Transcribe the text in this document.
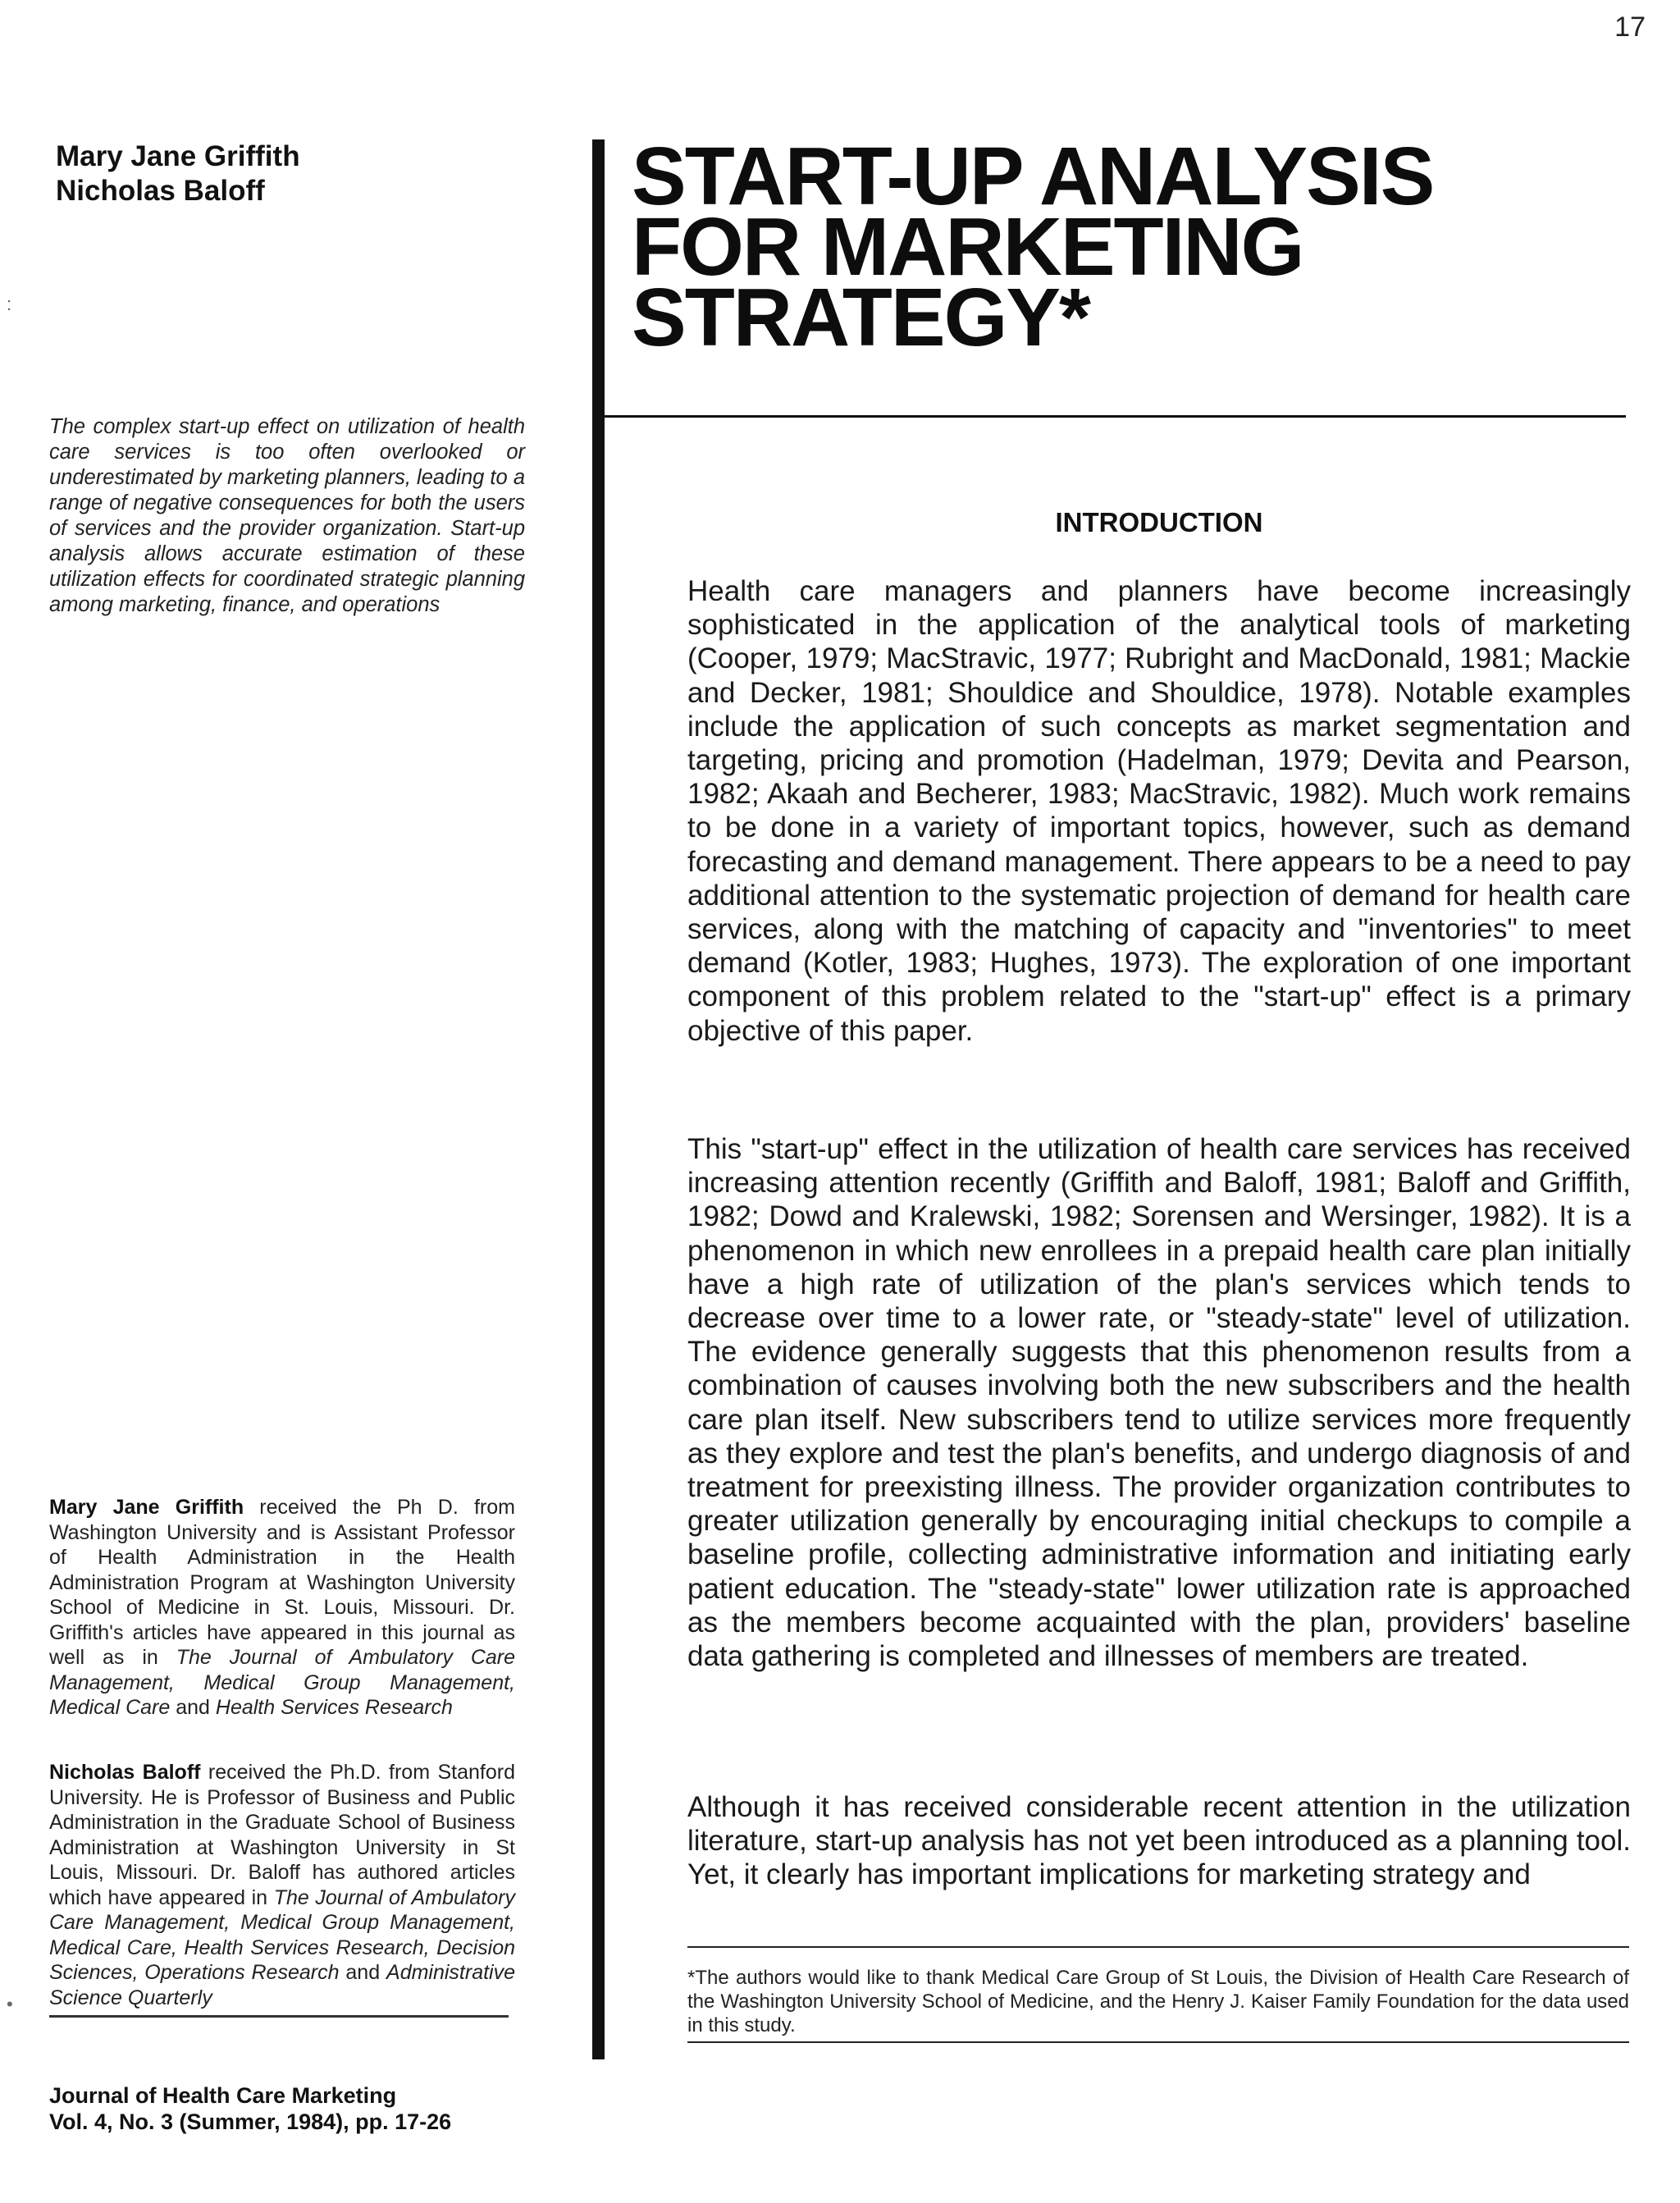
17
Mary Jane Griffith
Nicholas Baloff	START-UP ANALYSIS
FOR MARKETING
STRATEGY*
:
The complex start-up effect on utilization of health care services is too often overlooked or underestimated by marketing planners, leading to a range of negative consequences for both the users of services and the provider organization. Start-up analysis allows accurate estimation of these utilization effects for coordinated strategic planning among marketing, finance, and operations
Mary Jane Griffith received the Ph D. from Washington University and is Assistant Professor of Health Administration in the Health Administration Program at Washington University School of Medicine in St. Louis, Missouri. Dr. Griffith's articles have appeared in this journal as well as in The Journal of Ambulatory Care Management, Medical Group Management, Medical Care and Health Services Research
Nicholas Baloff received the Ph.D. from Stanford University. He is Professor of Business and Public Administration in the Graduate School of Business Administration at Washington University in St Louis, Missouri. Dr. Baloff has authored articles which have appeared in The Journal of Ambulatory Care Management, Medical Group Management, Medical Care, Health Services Research, Decision Sciences, Operations Research and Administrative Science Quarterly
•
Journal of Health Care Marketing
Vol. 4, No. 3 (Summer, 1984), pp. 17-26
INTRODUCTION

Health care managers and planners have become increasingly sophisticated in the application of the analytical tools of marketing (Cooper, 1979; MacStravic, 1977; Rubright and MacDonald, 1981; Mackie and Decker, 1981; Shouldice and Shouldice, 1978). Notable examples include the application of such concepts as market segmentation and targeting, pricing and promotion (Hadelman, 1979; Devita and Pearson, 1982; Akaah and Becherer, 1983; MacStravic, 1982). Much work remains to be done in a variety of important topics, however, such as demand forecasting and demand management. There appears to be a need to pay additional attention to the systematic projection of demand for health care services, along with the matching of capacity and "inventories" to meet demand (Kotler, 1983; Hughes, 1973). The exploration of one important component of this problem related to the "start-up" effect is a primary objective of this paper.

This "start-up" effect in the utilization of health care services has received increasing attention recently (Griffith and Baloff, 1981; Baloff and Griffith, 1982; Dowd and Kralewski, 1982; Sorensen and Wersinger, 1982). It is a phenomenon in which new enrollees in a prepaid health care plan initially have a high rate of utilization of the plan's services which tends to decrease over time to a lower rate, or "steady-state" level of utilization. The evidence generally suggests that this phenomenon results from a combination of causes involving both the new subscribers and the health care plan itself. New subscribers tend to utilize services more frequently as they explore and test the plan's benefits, and undergo diagnosis of and treatment for preexisting illness. The provider organization contributes to greater utilization generally by encouraging initial checkups to compile a baseline profile, collecting administrative information and initiating early patient education. The "steady-state" lower utilization rate is approached as the members become acquainted with the plan, providers' baseline data gathering is completed and illnesses of members are treated.

Although it has received considerable recent attention in the utilization literature, start-up analysis has not yet been introduced as a planning tool. Yet, it clearly has important implications for marketing strategy and

*The authors would like to thank Medical Care Group of St Louis, the Division of Health Care Research of the Washington University School of Medicine, and the Henry J. Kaiser Family Foundation for the data used in this study.
